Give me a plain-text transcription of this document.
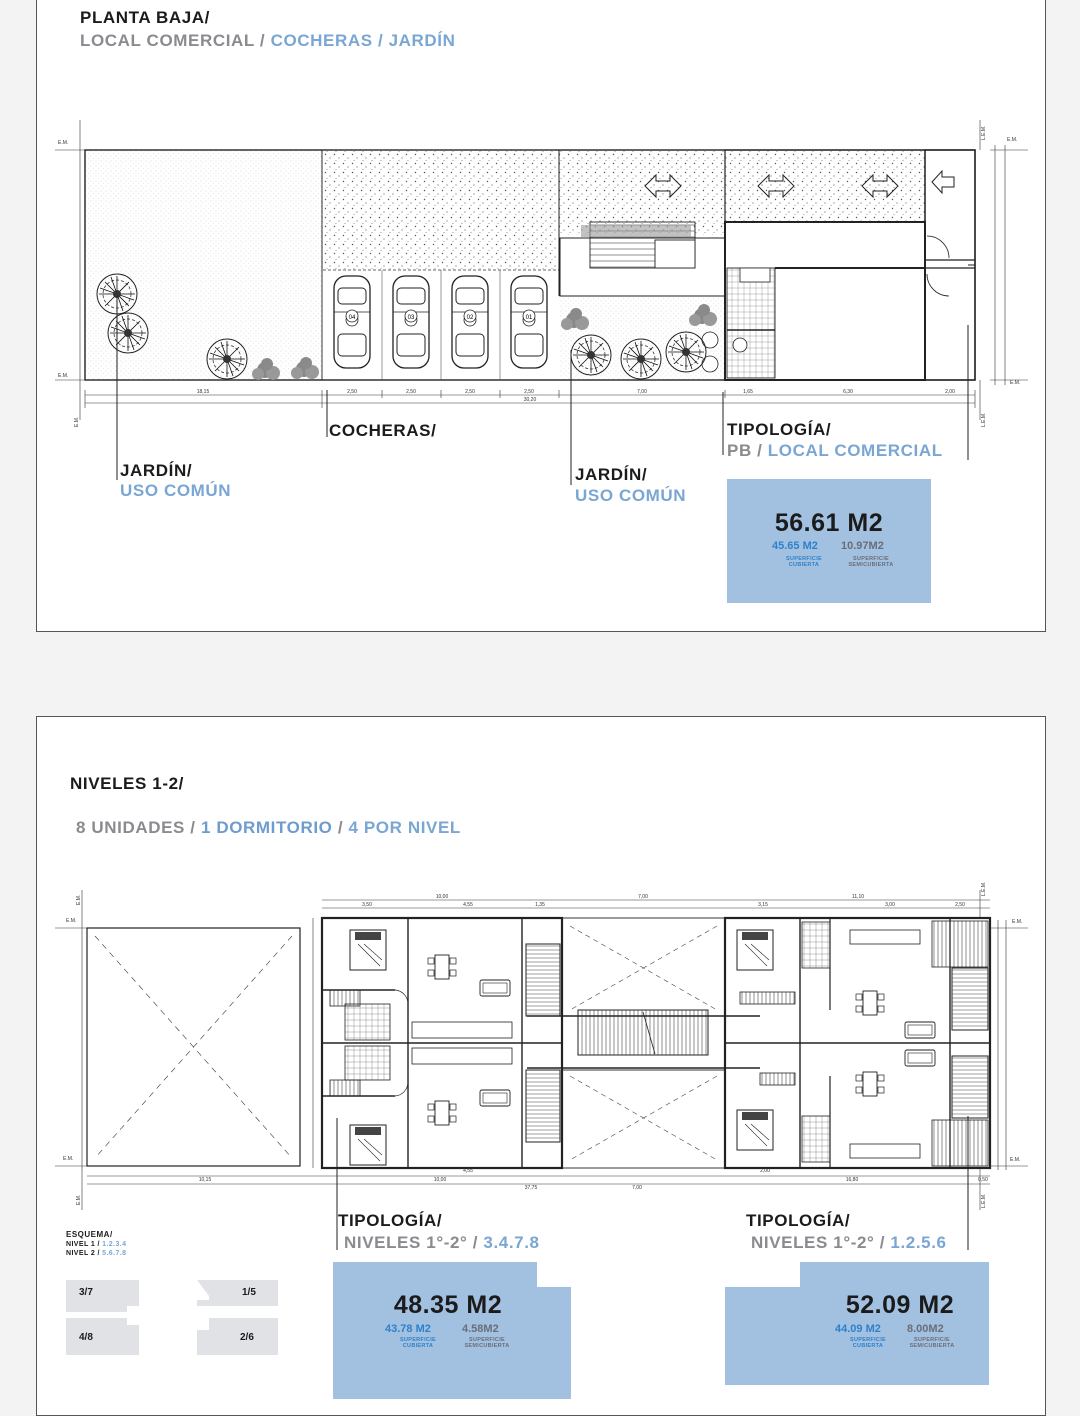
PLANTA BAJA/
LOCAL COMERCIAL / COCHERAS / JARDÍN
04	03	02	01
18,15	2,50	2,50	2,50	2,50
30,20
7,00	1,65	6,30	2,00
E.M.
E.M.
E.M.
E.M.
E.M.
L.E.M.
L.E.M.
COCHERAS/
JARDÍN/
USO COMÚN
JARDÍN/
USO COMÚN
TIPOLOGÍA/
PB / LOCAL COMERCIAL
56.61 M2
45.65 M2 10.97M2
SUPERFICIE
CUBIERTA
SUPERFICIE
SEMICUBIERTA
NIVELES 1-2/
8 UNIDADES / 1 DORMITORIO / 4 POR NIVEL
10,00	7,00	11,10
3,50	4,55	1,35	3,15	3,00	2,50
10,15
37,75	7,00
10,00	16,80	0,50
2,00
4,55
E.M.
E.M.
E.M.
E.M.
E.M.
E.M.
L.E.M.
L.E.M.
ESQUEMA/
NIVEL 1 / 1.2.3.4
NIVEL 2 / 5.6.7.8
3/7
4/8
1/5
2/6
TIPOLOGÍA/
NIVELES 1°-2° / 3.4.7.8
48.35 M2
43.78 M2	4.58M2
SUPERFICIE
CUBIERTA
SUPERFICIE
SEMICUBIERTA
TIPOLOGÍA/
NIVELES 1°-2° / 1.2.5.6
52.09 M2
44.09 M2 8.00M2
SUPERFICIE
CUBIERTA
SUPERFICIE
SEMICUBIERTA
